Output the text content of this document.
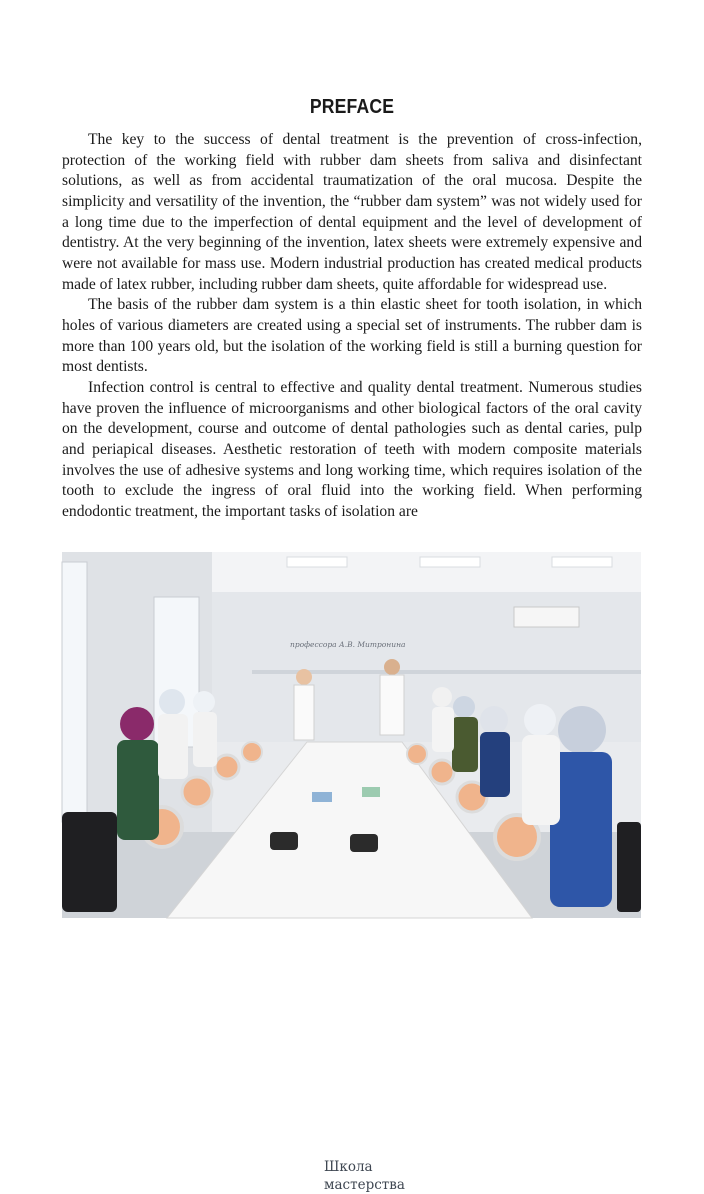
PREFACE

The key to the success of dental treatment is the prevention of cross-infection, protection of the working field with rubber dam sheets from saliva and disinfectant solutions, as well as from accidental traumatization of the oral mucosa. Despite the simplicity and versatility of the invention, the “rubber dam system” was not widely used for a long time due to the imperfection of dental equipment and the level of development of dentistry. At the very beginning of the invention, latex sheets were extremely expensive and were not available for mass use. Modern industrial production has created medical products made of latex rubber, including rubber dam sheets, quite affordable for widespread use.

The basis of the rubber dam system is a thin elastic sheet for tooth isolation, in which holes of various diameters are created using a special set of instruments. The rubber dam is more than 100 years old, but the isolation of the working field is still a burning question for most dentists.

Infection control is central to effective and quality dental treatment. Numerous studies have proven the influence of microorganisms and other biological factors of the oral cavity on the development, course and outcome of dental pathologies such as dental caries, pulp and periapical diseases. Aesthetic restoration of teeth with modern composite materials involves the use of adhesive systems and long working time, which requires isolation of the tooth to exclude the ingress of oral fluid into the working field. When performing endodontic treatment, the important tasks of isolation are

Школа
мастерства
профессора А.В. Митронина
